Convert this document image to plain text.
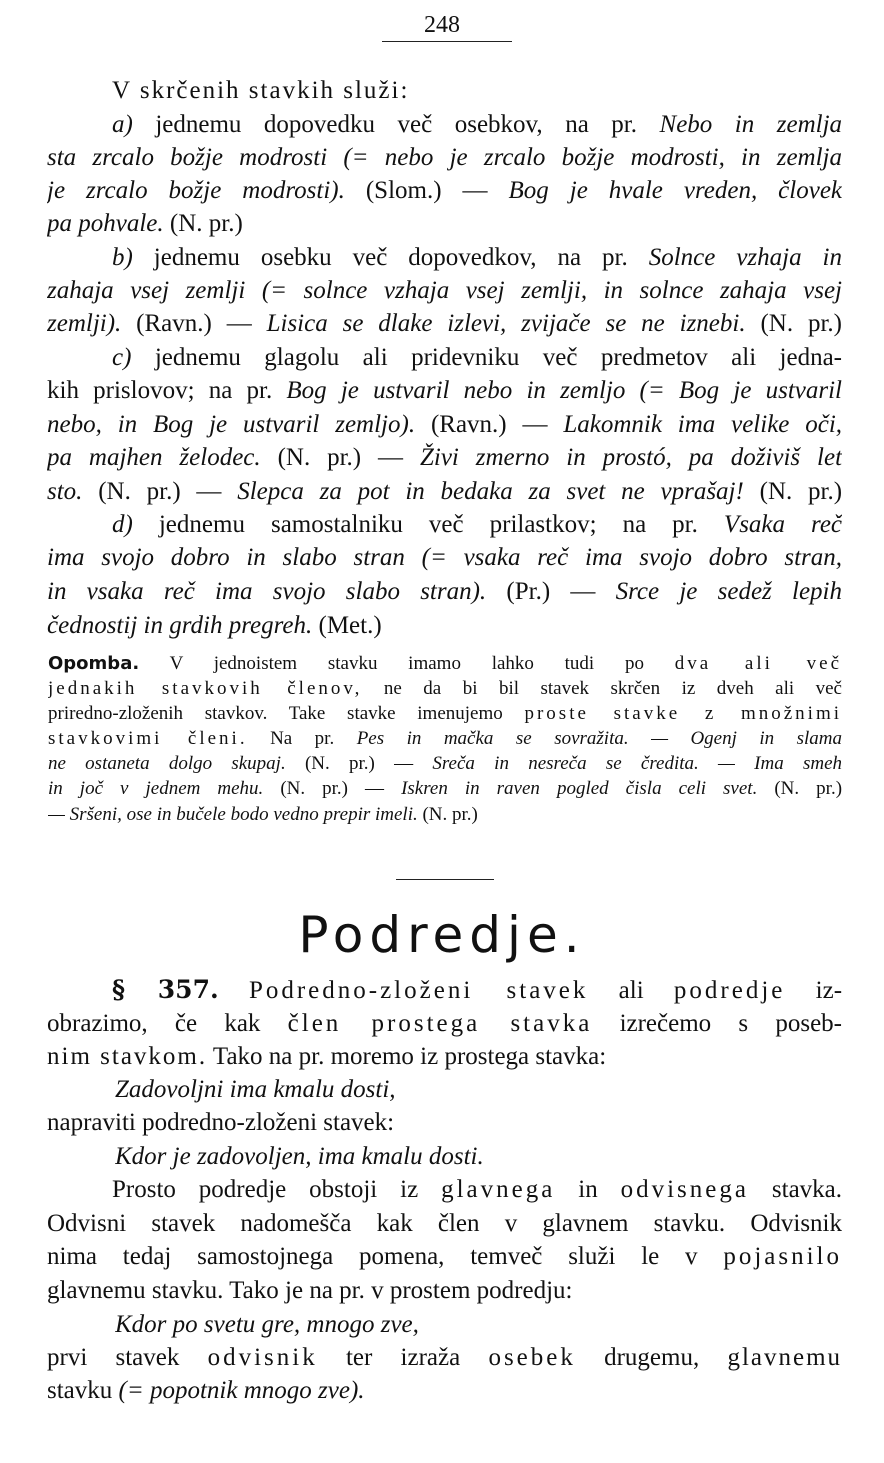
248
V skrčenih stavkih služi:
a) jednemu dopovedku več osebkov, na pr. Nebo in zemlja
sta zrcalo božje modrosti (= nebo je zrcalo božje modrosti, in zemlja
je zrcalo božje modrosti). (Slom.) — Bog je hvale vreden, človek
pa pohvale. (N. pr.)
b) jednemu osebku več dopovedkov, na pr. Solnce vzhaja in
zahaja vsej zemlji (= solnce vzhaja vsej zemlji, in solnce zahaja vsej
zemlji). (Ravn.) — Lisica se dlake izlevi, zvijače se ne iznebi. (N. pr.)
c) jednemu glagolu ali pridevniku več predmetov ali jedna-
kih prislovov; na pr. Bog je ustvaril nebo in zemljo (= Bog je ustvaril
nebo, in Bog je ustvaril zemljo). (Ravn.) — Lakomnik ima velike oči,
pa majhen želodec. (N. pr.) — Živi zmerno in prostó, pa doživiš let
sto. (N. pr.) — Slepca za pot in bedaka za svet ne vprašaj! (N. pr.)
d) jednemu samostalniku več prilastkov; na pr. Vsaka reč
ima svojo dobro in slabo stran (= vsaka reč ima svojo dobro stran,
in vsaka reč ima svojo slabo stran). (Pr.) — Srce je sedež lepih
čednostij in grdih pregreh. (Met.)
Opomba. V jednoistem stavku imamo lahko tudi po dva ali več
jednakih stavkovih členov, ne da bi bil stavek skrčen iz dveh ali več
priredno-zloženih stavkov. Take stavke imenujemo proste stavke z množnimi
stavkovimi členi. Na pr. Pes in mačka se sovražita. — Ogenj in slama
ne ostaneta dolgo skupaj. (N. pr.) — Sreča in nesreča se čredita. — Ima smeh
in joč v jednem mehu. (N. pr.) — Iskren in raven pogled čisla celi svet. (N. pr.)
— Sršeni, ose in bučele bodo vedno prepir imeli. (N. pr.)
Podredje.
§ 357. Podredno-zloženi stavek ali podredje iz-
obrazimo, če kak člen prostega stavka izrečemo s poseb-
nim stavkom. Tako na pr. moremo iz prostega stavka:
Zadovoljni ima kmalu dosti,
napraviti podredno-zloženi stavek:
Kdor je zadovoljen, ima kmalu dosti.
Prosto podredje obstoji iz glavnega in odvisnega stavka.
Odvisni stavek nadomešča kak člen v glavnem stavku. Odvisnik
nima tedaj samostojnega pomena, temveč služi le v pojasnilo
glavnemu stavku. Tako je na pr. v prostem podredju:
Kdor po svetu gre, mnogo zve,
prvi stavek odvisnik ter izraža osebek drugemu, glavnemu
stavku (= popotnik mnogo zve).
